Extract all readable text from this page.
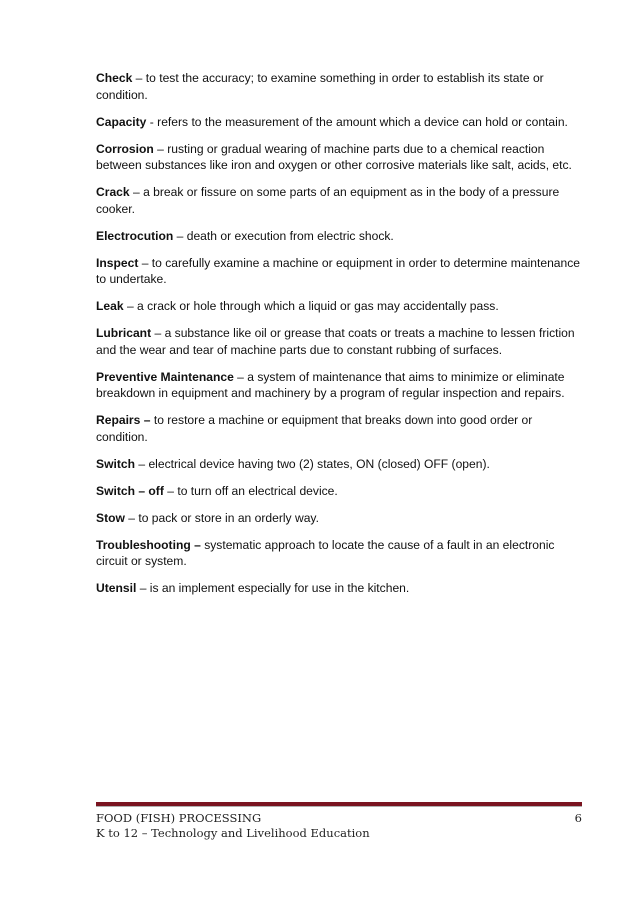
Check – to test the accuracy; to examine something in order to establish its state or condition.

Capacity - refers to the measurement of the amount which a device can hold or contain.

Corrosion – rusting or gradual wearing of machine parts due to a chemical reaction between substances like iron and oxygen or other corrosive materials like salt, acids, etc.

Crack – a break or fissure on some parts of an equipment as in the body of a pressure cooker.

Electrocution – death or execution from electric shock.

Inspect – to carefully examine a machine or equipment in order to determine maintenance to undertake.

Leak – a crack or hole through which a liquid or gas may accidentally pass.

Lubricant – a substance like oil or grease that coats or treats a machine to lessen friction and the wear and tear of machine parts due to constant rubbing of surfaces.

Preventive Maintenance – a system of maintenance that aims to minimize or eliminate breakdown in equipment and machinery by a program of regular inspection and repairs.

Repairs – to restore a machine or equipment that breaks down into good order or condition.

Switch – electrical device having two (2) states, ON (closed) OFF (open).

Switch – off – to turn off an electrical device.

Stow – to pack or store in an orderly way.

Troubleshooting – systematic approach to locate the cause of a fault in an electronic circuit or system.

Utensil – is an implement especially for use in the kitchen.

FOOD (FISH) PROCESSING	6
K to 12 – Technology and Livelihood Education
